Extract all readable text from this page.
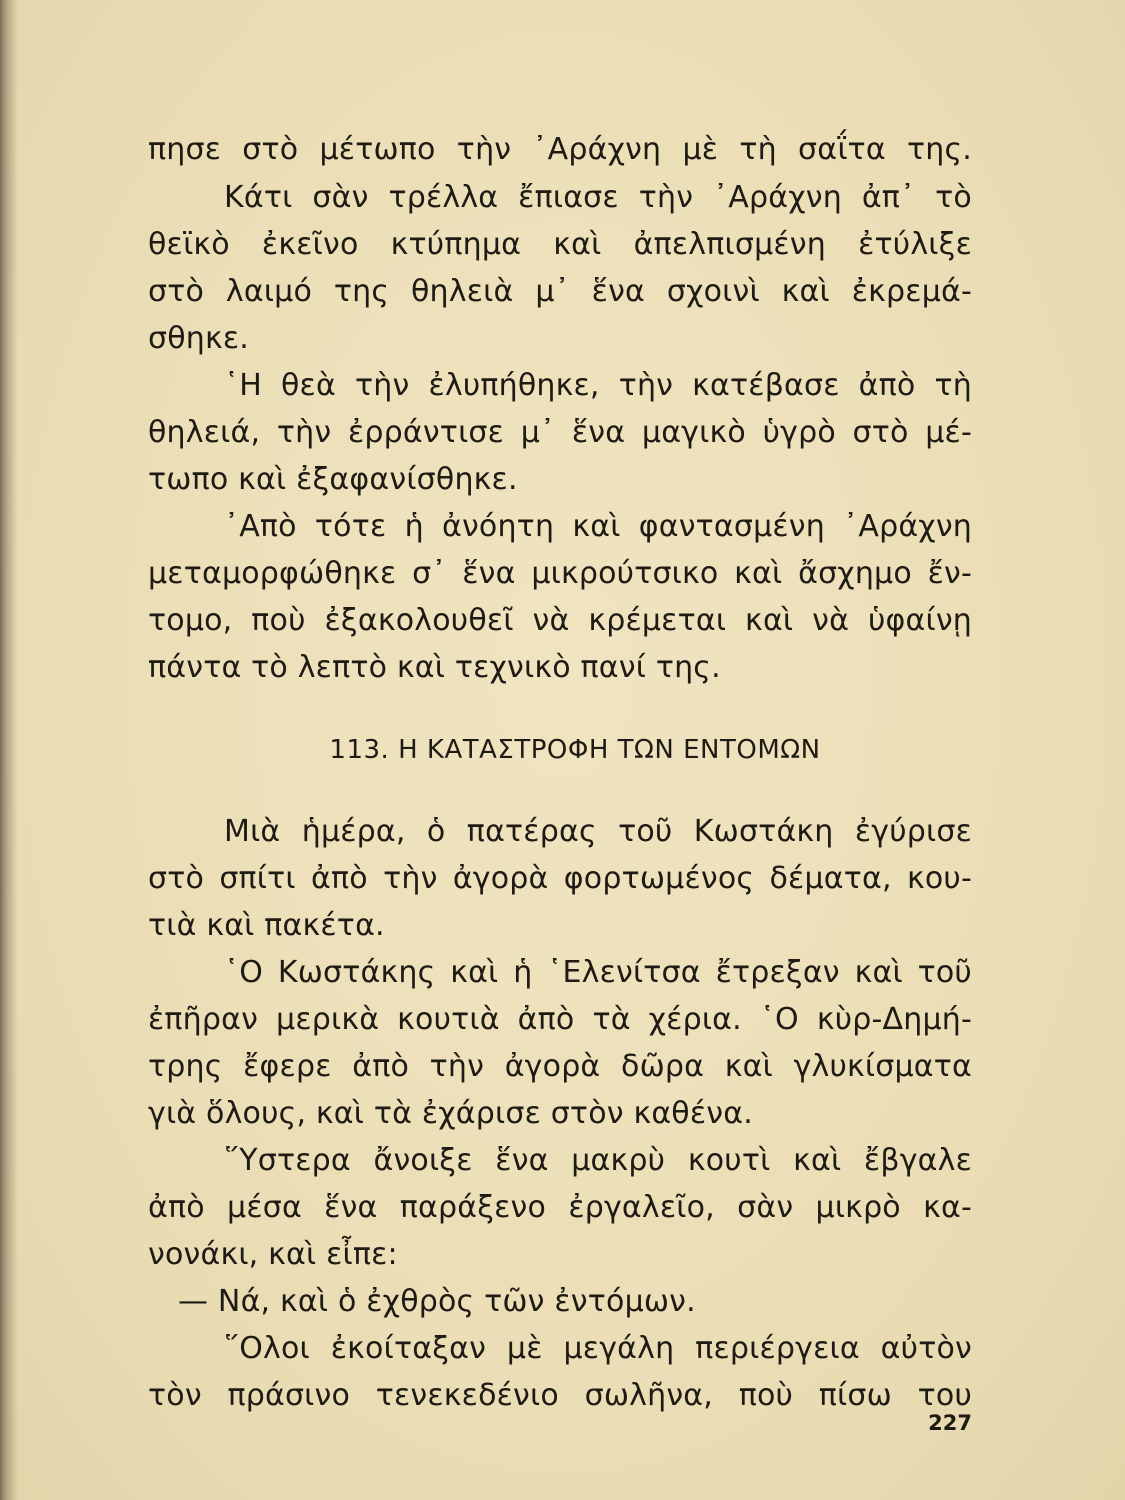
πησε στὸ μέτωπο τὴν ᾿Αράχνη μὲ τὴ σαΐτα της.
Κάτι σὰν τρέλλα ἔπιασε τὴν ᾿Αράχνη ἀπ᾿ τὸ
θεϊκὸ ἐκεῖνο κτύπημα καὶ ἀπελπισμένη ἐτύλιξε
στὸ λαιμό της θηλειὰ μ᾿ ἕνα σχοινὶ καὶ ἐκρεμά-
σθηκε.
῾Η θεὰ τὴν ἐλυπήθηκε, τὴν κατέβασε ἀπὸ τὴ
θηλειά, τὴν ἐρράντισε μ᾿ ἕνα μαγικὸ ὑγρὸ στὸ μέ-
τωπο καὶ ἐξαφανίσθηκε.
᾿Απὸ τότε ἡ ἀνόητη καὶ φαντασμένη ᾿Αράχνη
μεταμορφώθηκε σ᾿ ἕνα μικρούτσικο καὶ ἄσχημο ἔν-
τομο, ποὺ ἐξακολουθεῖ νὰ κρέμεται καὶ νὰ ὑφαίνῃ
πάντα τὸ λεπτὸ καὶ τεχνικὸ πανί της.
113. Η ΚΑΤΑΣΤΡΟΦΗ ΤΩΝ ΕΝΤΟΜΩΝ
Μιὰ ἡμέρα, ὁ πατέρας τοῦ Κωστάκη ἐγύρισε
στὸ σπίτι ἀπὸ τὴν ἀγορὰ φορτωμένος δέματα, κου-
τιὰ καὶ πακέτα.
῾Ο Κωστάκης καὶ ἡ ῾Ελενίτσα ἔτρεξαν καὶ τοῦ
ἐπῆραν μερικὰ κουτιὰ ἀπὸ τὰ χέρια. ῾Ο κὺρ-Δημή-
τρης ἔφερε ἀπὸ τὴν ἀγορὰ δῶρα καὶ γλυκίσματα
γιὰ ὅλους, καὶ τὰ ἐχάρισε στὸν καθένα.
῞Υστερα ἄνοιξε ἕνα μακρὺ κουτὶ καὶ ἔβγαλε
ἀπὸ μέσα ἕνα παράξενο ἐργαλεῖο, σὰν μικρὸ κα-
νονάκι, καὶ εἶπε:
— Νά, καὶ ὁ ἐχθρὸς τῶν ἐντόμων.
῞Ολοι ἐκοίταξαν μὲ μεγάλη περιέργεια αὐτὸν
τὸν πράσινο τενεκεδένιο σωλῆνα, ποὺ πίσω του
227
